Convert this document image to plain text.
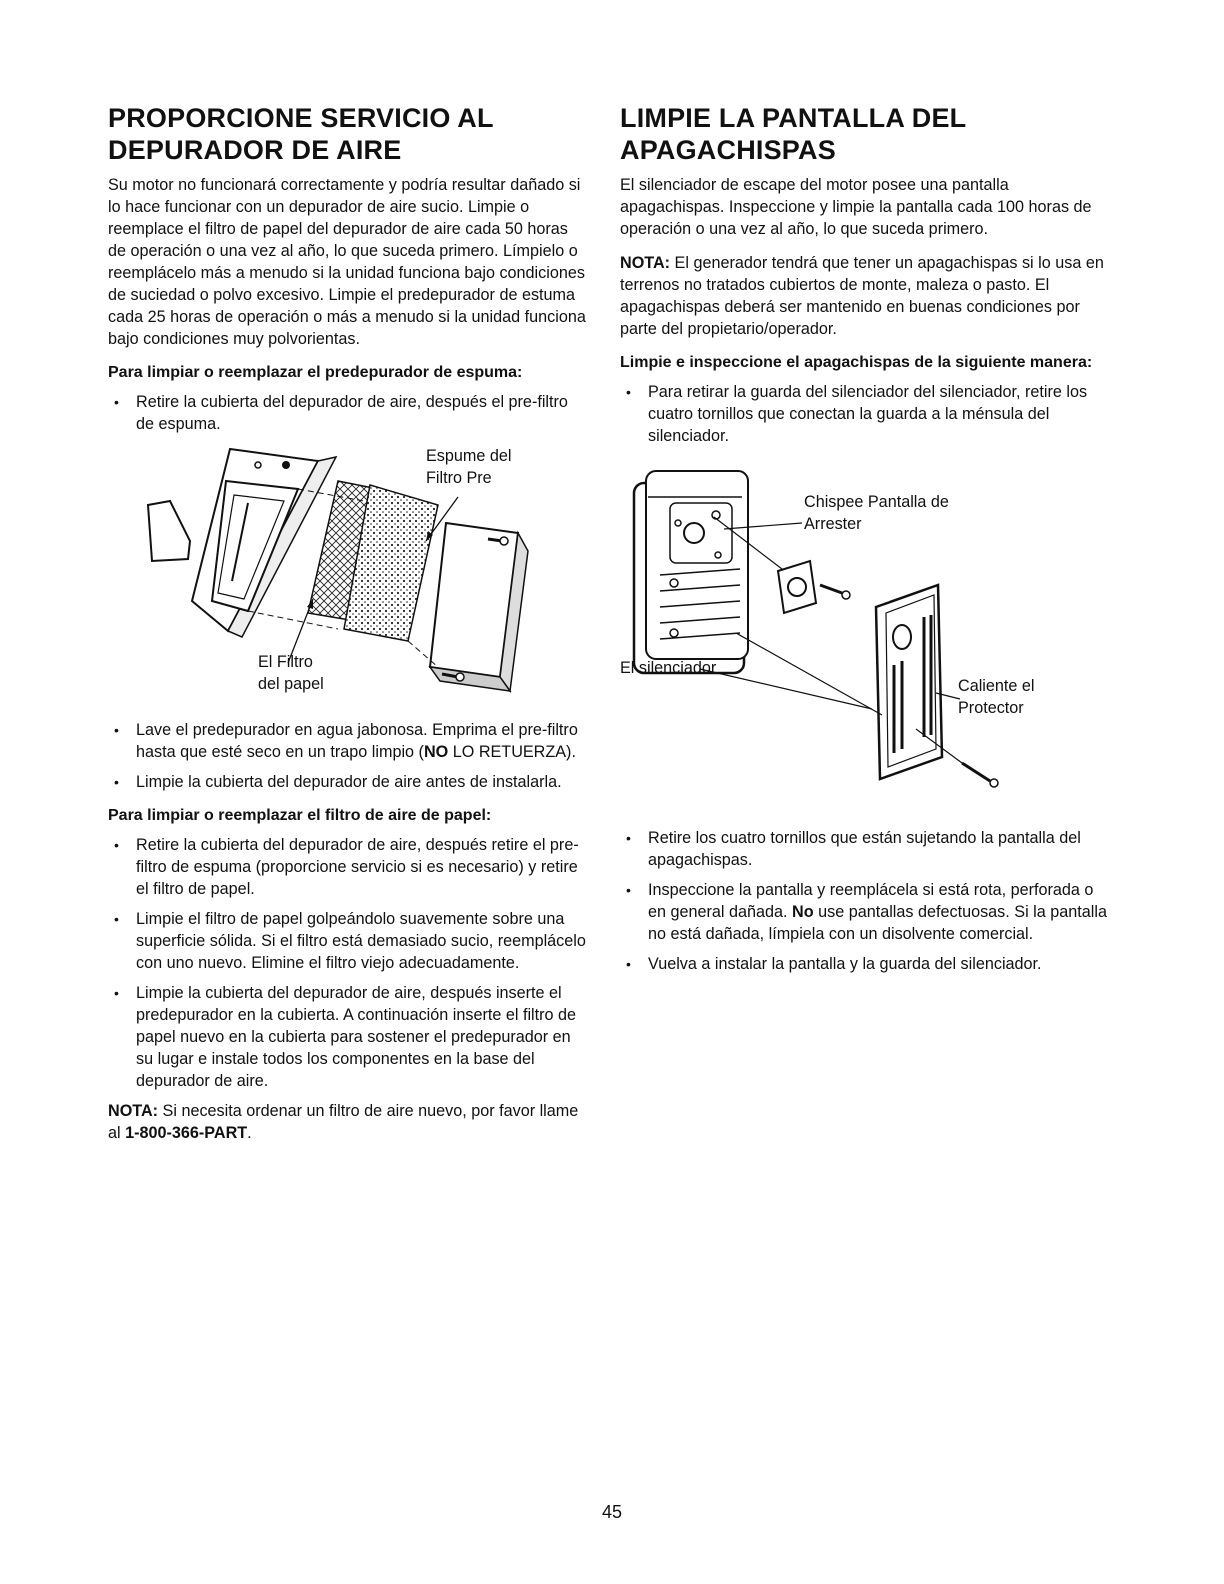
PROPORCIONE SERVICIO AL
DEPURADOR DE AIRE

Su motor no funcionará correctamente y podría resultar dañado si lo hace funcionar con un depurador de aire sucio. Limpie o reemplace el filtro de papel del depurador de aire cada 50 horas de operación o una vez al año, lo que suceda primero. Límpielo o reemplácelo más a menudo si la unidad funciona bajo condiciones de suciedad o polvo excesivo. Limpie el predepurador de estuma cada 25 horas de operación o más a menudo si la unidad funciona bajo condiciones muy polvorientas.

Para limpiar o reemplazar el predepurador de espuma:
• Retire la cubierta del depurador de aire, después el pre-filtro de espuma.
Espume del
Filtro Pre
El Filtro
del papel
• Lave el predepurador en agua jabonosa. Emprima el pre-filtro hasta que esté seco en un trapo limpio (NO LO RETUERZA).
• Limpie la cubierta del depurador de aire antes de instalarla.
Para limpiar o reemplazar el filtro de aire de papel:
• Retire la cubierta del depurador de aire, después retire el pre-filtro de espuma (proporcione servicio si es necesario) y retire el filtro de papel.
• Limpie el filtro de papel golpeándolo suavemente sobre una superficie sólida. Si el filtro está demasiado sucio, reemplácelo con uno nuevo. Elimine el filtro viejo adecuadamente.
• Limpie la cubierta del depurador de aire, después inserte el predepurador en la cubierta. A continuación inserte el filtro de papel nuevo en la cubierta para sostener el predepurador en su lugar e instale todos los componentes en la base del depurador de aire.

NOTA: Si necesita ordenar un filtro de aire nuevo, por favor llame al 1-800-366-PART.

LIMPIE LA PANTALLA DEL
APAGACHISPAS

El silenciador de escape del motor posee una pantalla apagachispas. Inspeccione y limpie la pantalla cada 100 horas de operación o una vez al año, lo que suceda primero.

NOTA: El generador tendrá que tener un apagachispas si lo usa en terrenos no tratados cubiertos de monte, maleza o pasto. El apagachispas deberá ser mantenido en buenas condiciones por parte del propietario/operador.

Limpie e inspeccione el apagachispas de la siguiente manera:
• Para retirar la guarda del silenciador del silenciador, retire los cuatro tornillos que conectan la guarda a la ménsula del silenciador.
Chispee Pantalla de
Arrester
El silenciador
Caliente el
Protector
• Retire los cuatro tornillos que están sujetando la pantalla del apagachispas.
• Inspeccione la pantalla y reemplácela si está rota, perforada o en general dañada. No use pantallas defectuosas. Si la pantalla no está dañada, límpiela con un disolvente comercial.
• Vuelva a instalar la pantalla y la guarda del silenciador.
45
